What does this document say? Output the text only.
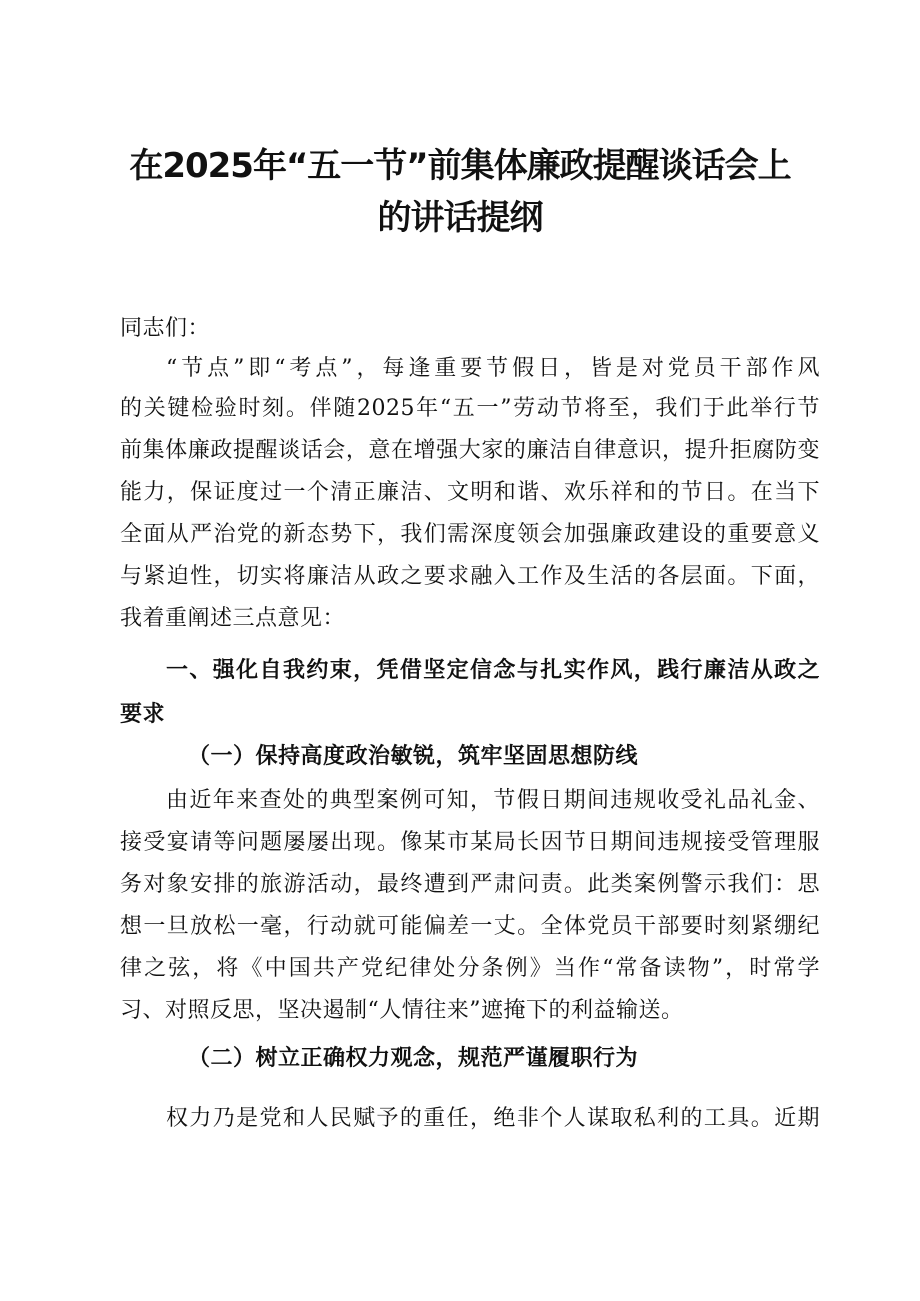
在2025年“五一节”前集体廉政提醒谈话会上
的讲话提纲
同志们：
“节点”即“考点”，每逢重要节假日，皆是对党员干部作风
的关键检验时刻。伴随2025年“五一”劳动节将至，我们于此举行节
前集体廉政提醒谈话会，意在增强大家的廉洁自律意识，提升拒腐防变
能力，保证度过一个清正廉洁、文明和谐、欢乐祥和的节日。在当下
全面从严治党的新态势下，我们需深度领会加强廉政建设的重要意义
与紧迫性，切实将廉洁从政之要求融入工作及生活的各层面。下面，
我着重阐述三点意见：
一、强化自我约束，凭借坚定信念与扎实作风，践行廉洁从政之
要求
（一）保持高度政治敏锐，筑牢坚固思想防线
由近年来查处的典型案例可知，节假日期间违规收受礼品礼金、
接受宴请等问题屡屡出现。像某市某局长因节日期间违规接受管理服
务对象安排的旅游活动，最终遭到严肃问责。此类案例警示我们：思
想一旦放松一毫，行动就可能偏差一丈。全体党员干部要时刻紧绷纪
律之弦，将《中国共产党纪律处分条例》当作“常备读物”，时常学
习、对照反思，坚决遏制“人情往来”遮掩下的利益输送。
（二）树立正确权力观念，规范严谨履职行为
权力乃是党和人民赋予的重任，绝非个人谋取私利的工具。近期
